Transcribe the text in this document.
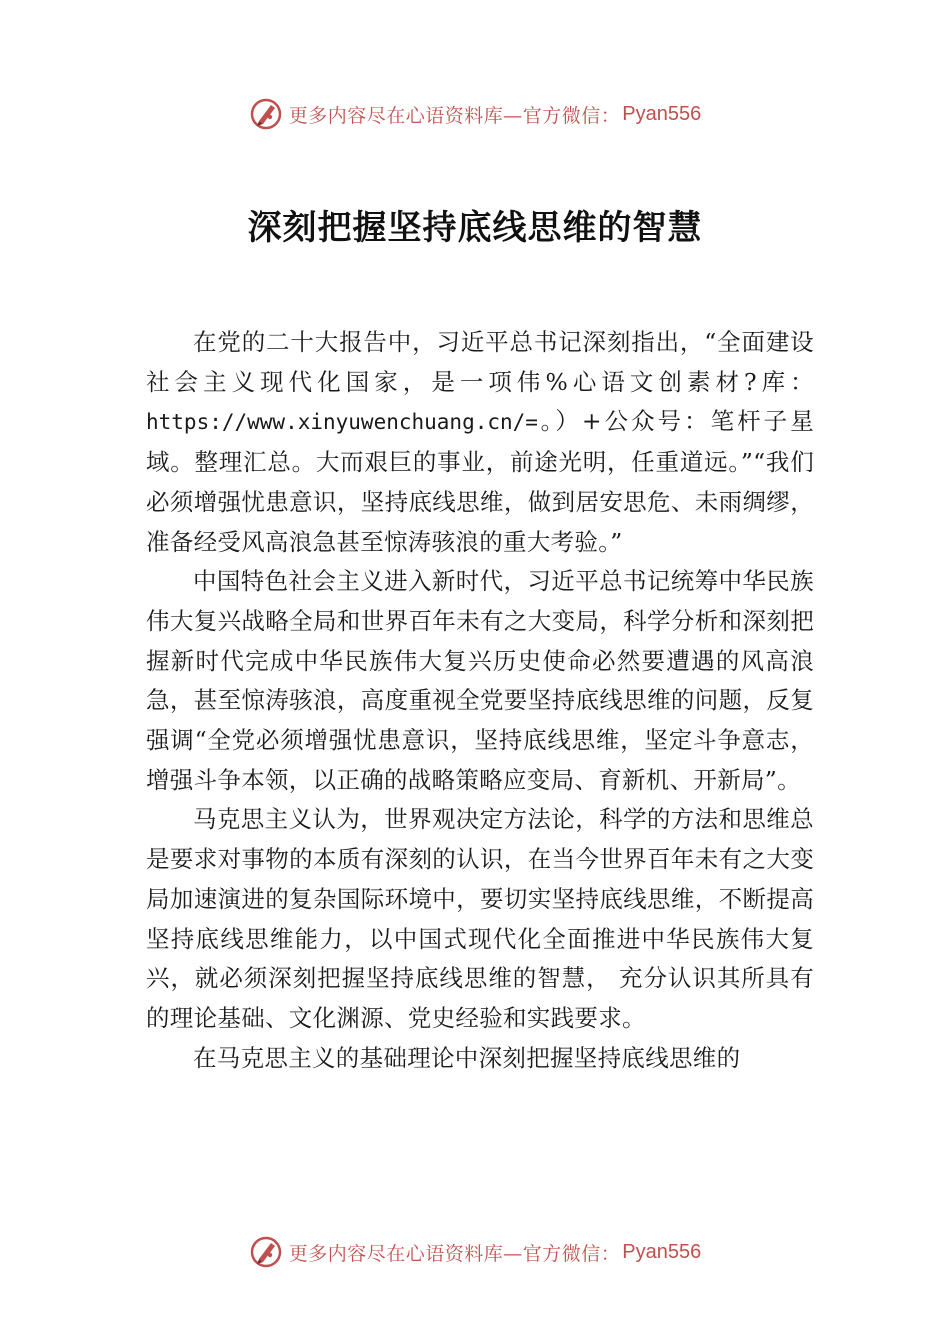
更多内容尽在心语资料库—官方微信： Pyan556
深刻把握坚持底线思维的智慧

在党的二十大报告中，习近平总书记深刻指出，“全面建设社会主义现代化国家，是一项伟%心语文创素材?库：https://www.xinyuwenchuang.cn/=。）+公众号：笔杆子星域。整理汇总。大而艰巨的事业，前途光明，任重道远。”“我们必须增强忧患意识，坚持底线思维，做到居安思危、未雨绸缪，准备经受风高浪急甚至惊涛骇浪的重大考验。”

中国特色社会主义进入新时代，习近平总书记统筹中华民族伟大复兴战略全局和世界百年未有之大变局，科学分析和深刻把握新时代完成中华民族伟大复兴历史使命必然要遭遇的风高浪急，甚至惊涛骇浪，高度重视全党要坚持底线思维的问题，反复强调“全党必须增强忧患意识，坚持底线思维，坚定斗争意志，增强斗争本领，以正确的战略策略应变局、育新机、开新局”。

马克思主义认为，世界观决定方法论，科学的方法和思维总是要求对事物的本质有深刻的认识，在当今世界百年未有之大变局加速演进的复杂国际环境中，要切实坚持底线思维，不断提高坚持底线思维能力，以中国式现代化全面推进中华民族伟大复兴，就必须深刻把握坚持底线思维的智慧， 充分认识其所具有的理论基础、文化渊源、党史经验和实践要求。

在马克思主义的基础理论中深刻把握坚持底线思维的

更多内容尽在心语资料库—官方微信： Pyan556
